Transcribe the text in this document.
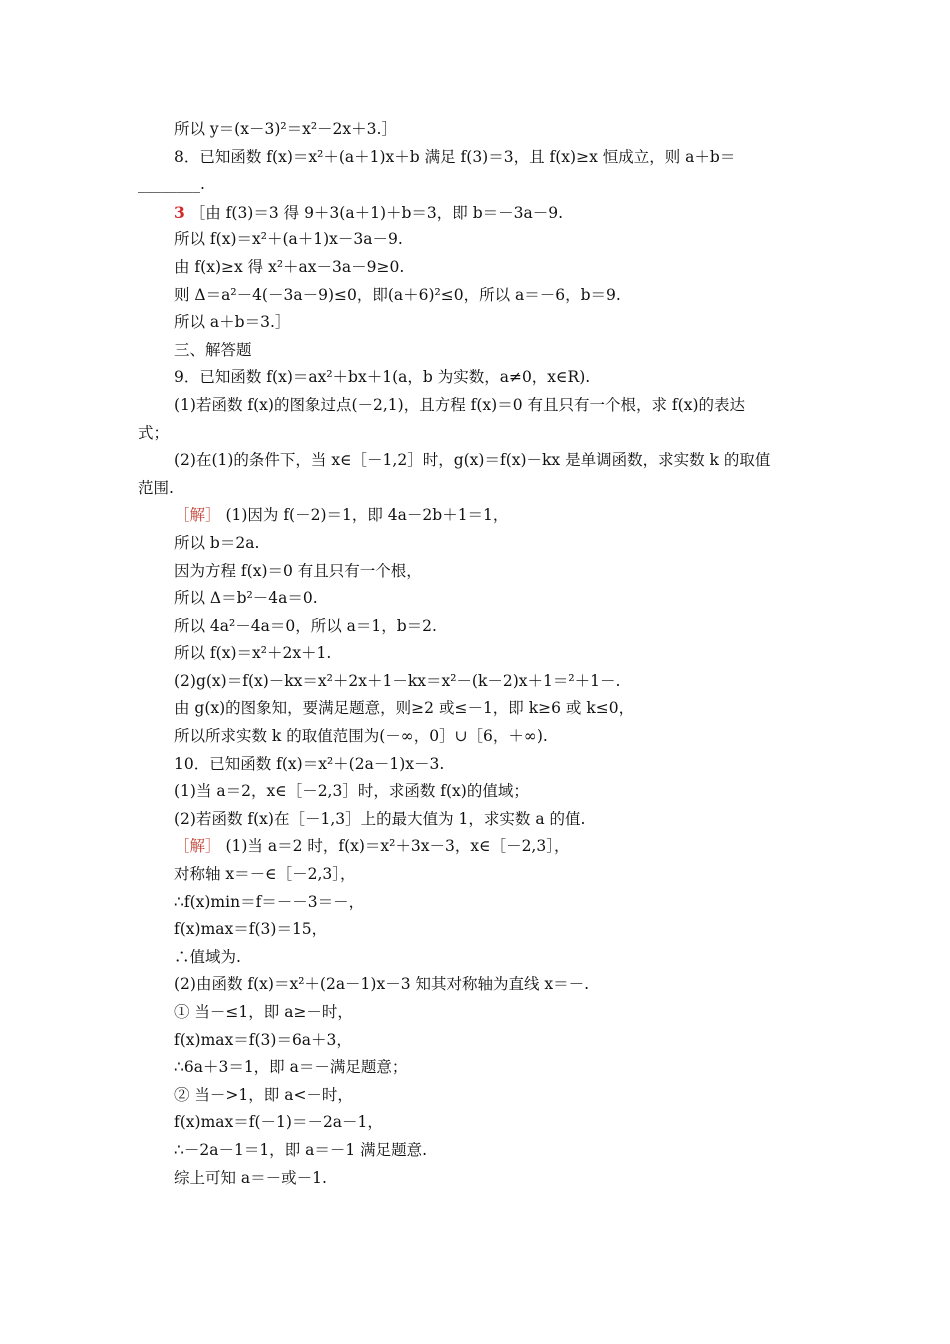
所以 y＝(x－3)²＝x²－2x＋3.］
8．已知函数 f(x)＝x²＋(a＋1)x＋b 满足 f(3)＝3，且 f(x)≥x 恒成立，则 a＋b＝
________.
3 ［由 f(3)＝3 得 9＋3(a＋1)＋b＝3，即 b＝－3a－9.
所以 f(x)＝x²＋(a＋1)x－3a－9.
由 f(x)≥x 得 x²＋ax－3a－9≥0.
则 Δ＝a²－4(－3a－9)≤0，即(a＋6)²≤0，所以 a＝－6，b＝9.
所以 a＋b＝3.］
三、解答题
9．已知函数 f(x)＝ax²＋bx＋1(a，b 为实数，a≠0，x∈R).
(1)若函数 f(x)的图象过点(－2,1)，且方程 f(x)＝0 有且只有一个根，求 f(x)的表达
式；
(2)在(1)的条件下，当 x∈［－1,2］时，g(x)＝f(x)－kx 是单调函数，求实数 k 的取值
范围.
［解］ (1)因为 f(－2)＝1，即 4a－2b＋1＝1，
所以 b＝2a.
因为方程 f(x)＝0 有且只有一个根，
所以 Δ＝b²－4a＝0.
所以 4a²－4a＝0，所以 a＝1，b＝2.
所以 f(x)＝x²＋2x＋1.
(2)g(x)＝f(x)－kx＝x²＋2x＋1－kx＝x²－(k－2)x＋1＝²＋1－.
由 g(x)的图象知，要满足题意，则≥2 或≤－1，即 k≥6 或 k≤0，
所以所求实数 k 的取值范围为(－∞，0］∪［6，＋∞).
10．已知函数 f(x)＝x²＋(2a－1)x－3.
(1)当 a＝2，x∈［－2,3］时，求函数 f(x)的值域；
(2)若函数 f(x)在［－1,3］上的最大值为 1，求实数 a 的值.
［解］ (1)当 a＝2 时，f(x)＝x²＋3x－3，x∈［－2,3］，
对称轴 x＝－∈［－2,3］，
∴f(x)min＝f＝－－3＝－，
f(x)max＝f(3)＝15，
∴值域为.
(2)由函数 f(x)＝x²＋(2a－1)x－3 知其对称轴为直线 x＝－.
① 当－≤1，即 a≥－时，
f(x)max＝f(3)＝6a＋3，
∴6a＋3＝1，即 a＝－满足题意；
② 当－>1，即 a<－时，
f(x)max＝f(－1)＝－2a－1，
∴－2a－1＝1，即 a＝－1 满足题意.
综上可知 a＝－或－1.
